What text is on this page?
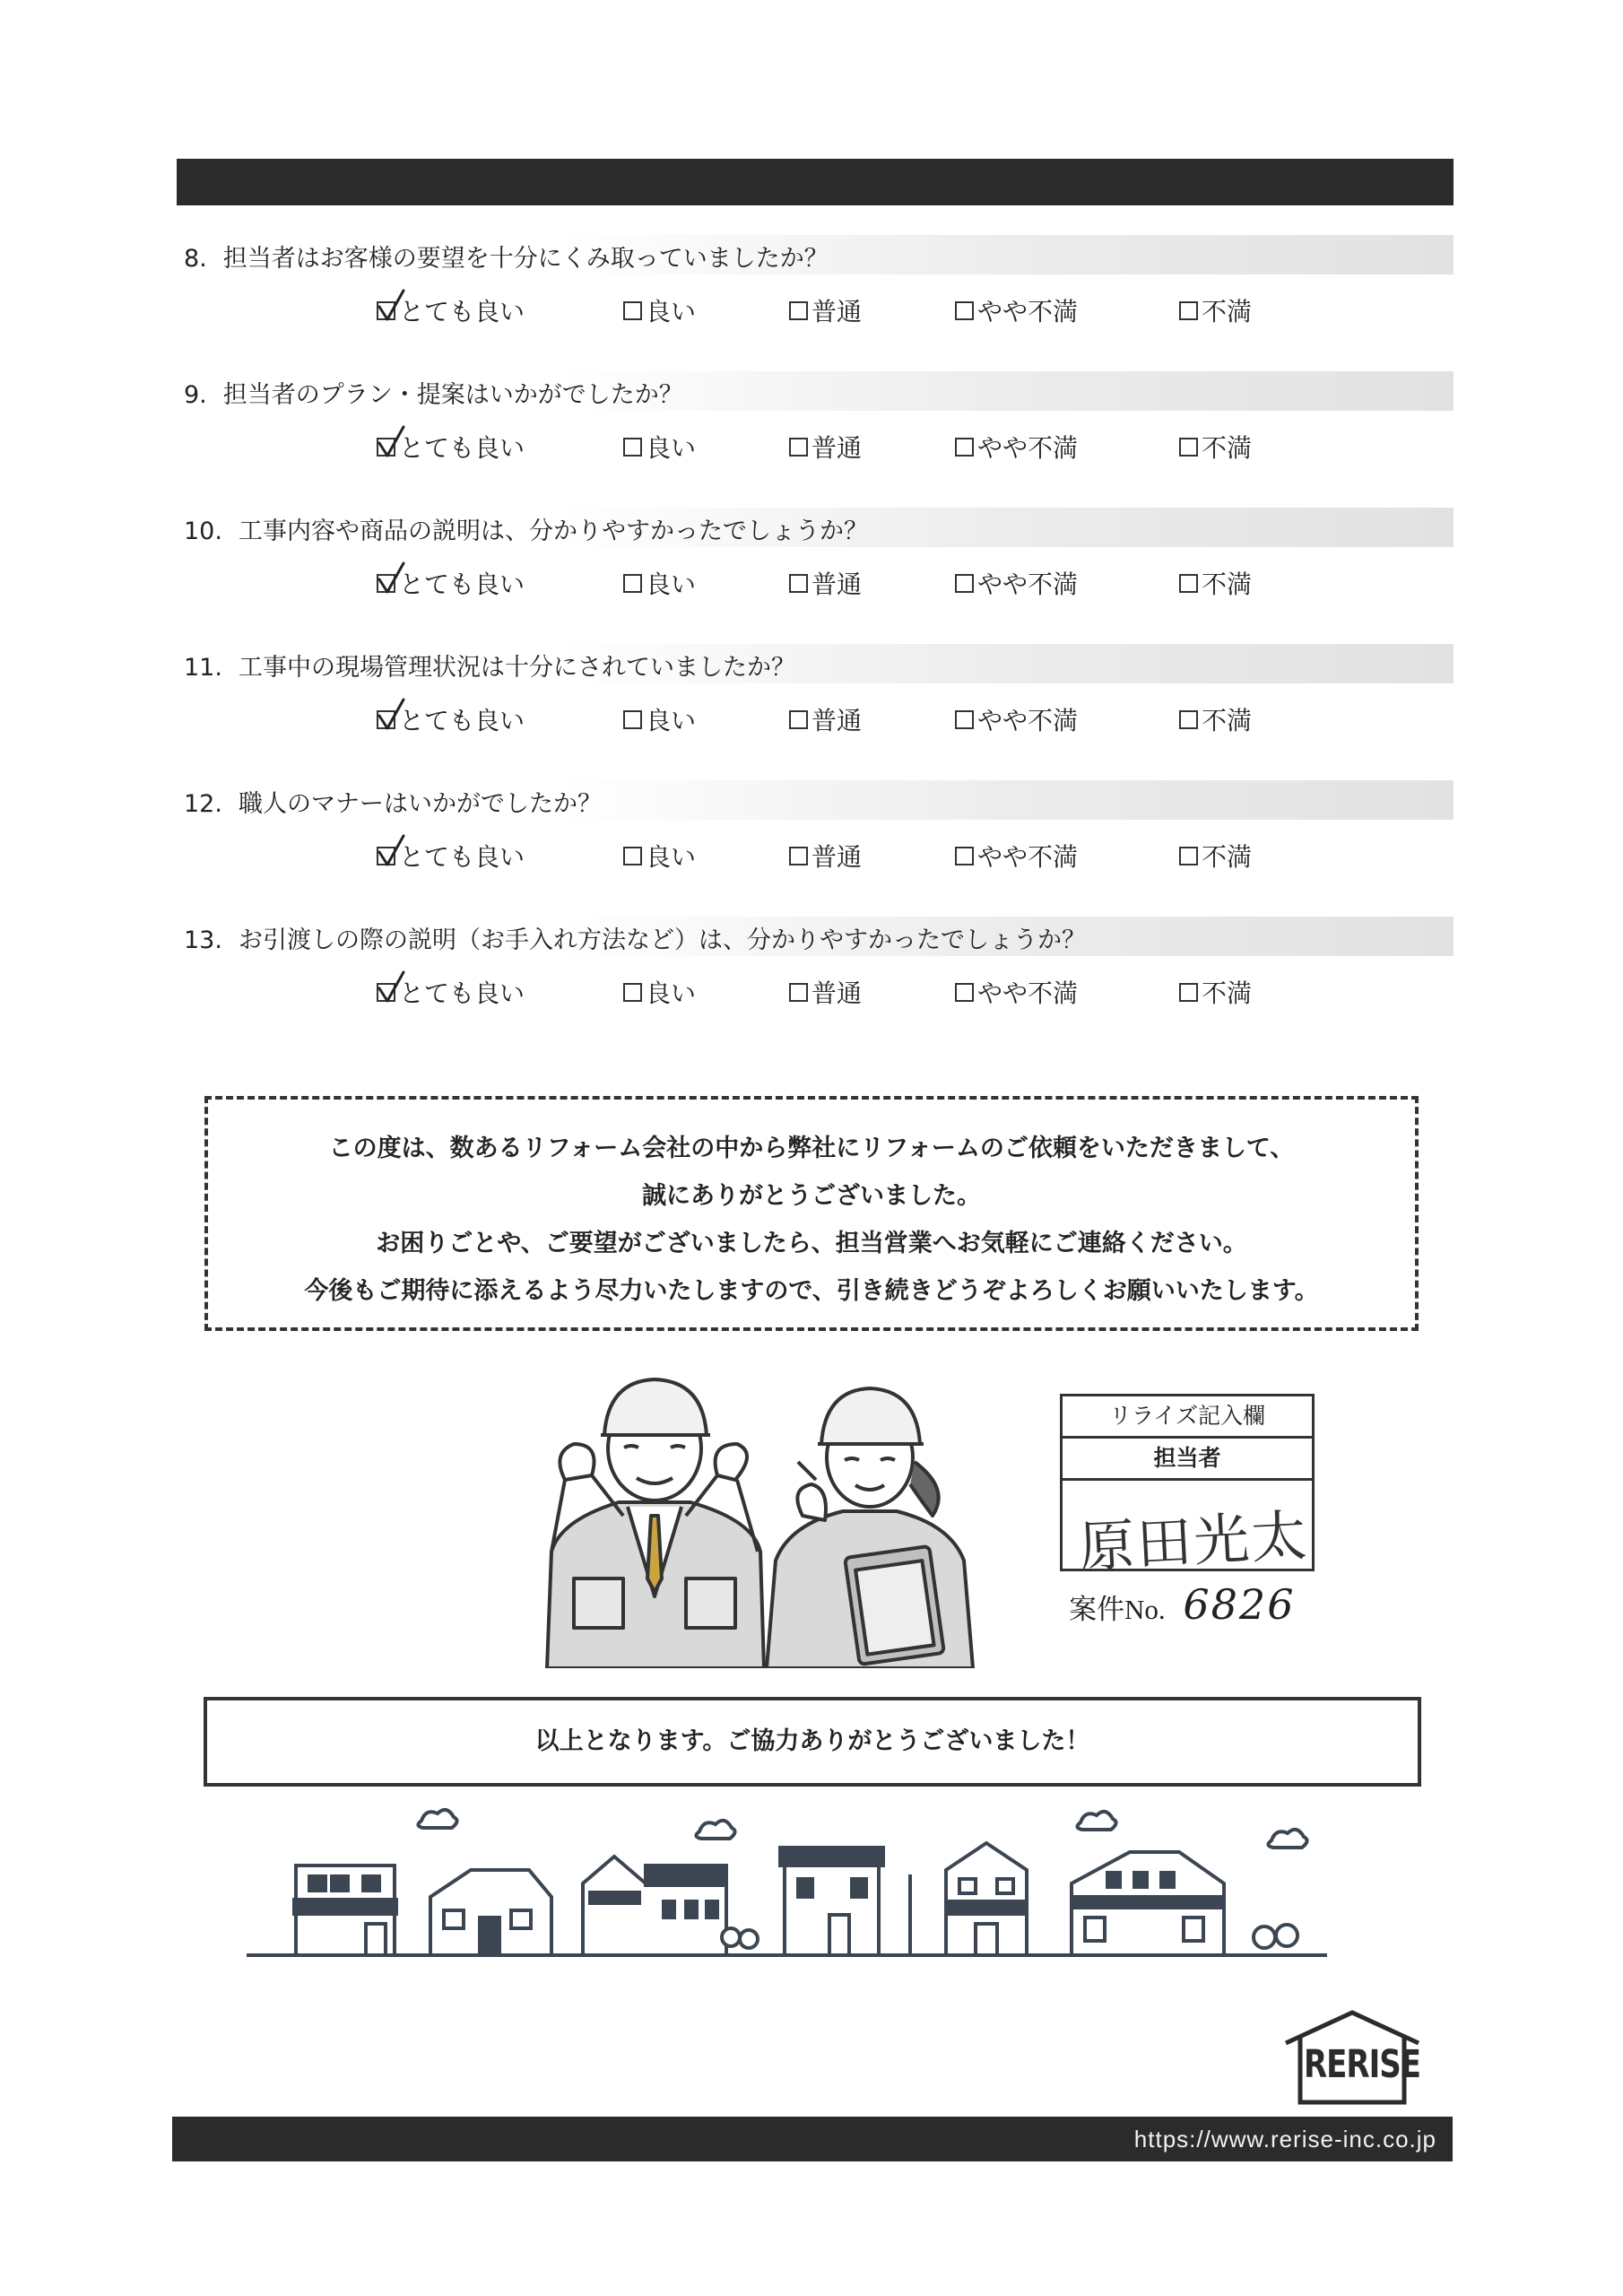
8. 担当者はお客様の要望を十分にくみ取っていましたか？
とても良い	良い	普通	やや不満	不満
9. 担当者のプラン・提案はいかがでしたか？
とても良い	良い	普通	やや不満	不満
10. 工事内容や商品の説明は、分かりやすかったでしょうか？
とても良い	良い	普通	やや不満	不満
11. 工事中の現場管理状況は十分にされていましたか？
とても良い	良い	普通	やや不満	不満
12. 職人のマナーはいかがでしたか？
とても良い	良い	普通	やや不満	不満
13. お引渡しの際の説明（お手入れ方法など）は、分かりやすかったでしょうか？
とても良い	良い	普通	やや不満	不満
この度は、数あるリフォーム会社の中から弊社にリフォームのご依頼をいただきまして、
誠にありがとうございました。
お困りごとや、ご要望がございましたら、担当営業へお気軽にご連絡ください。
今後もご期待に添えるよう尽力いたしますので、引き続きどうぞよろしくお願いいたします。
リライズ記入欄
担当者
原田光太
案件No. 6826
以上となります。ご協力ありがとうございました！
RERISE
https://www.rerise-inc.co.jp
